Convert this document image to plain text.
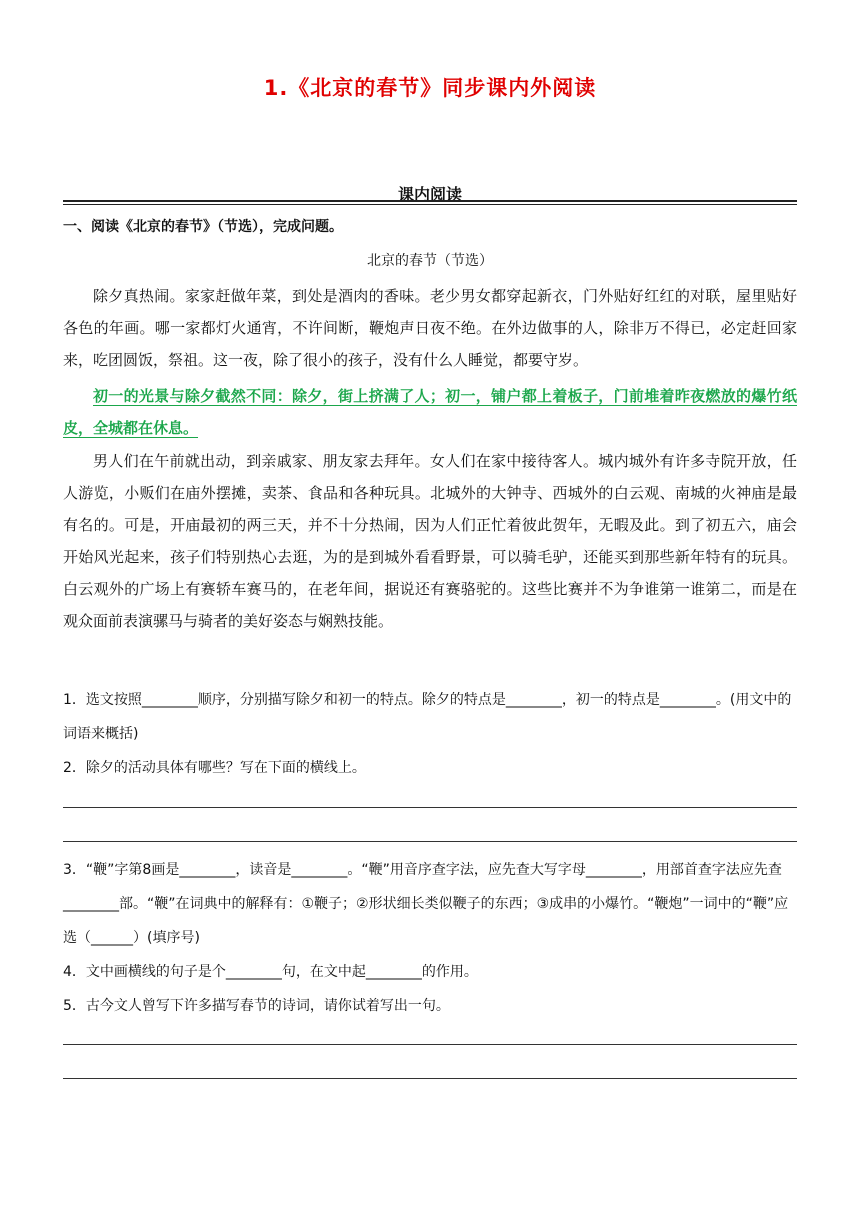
1.《北京的春节》同步课内外阅读
课内阅读
一、阅读《北京的春节》（节选），完成问题。
北京的春节（节选）

除夕真热闹。家家赶做年菜，到处是酒肉的香味。老少男女都穿起新衣，门外贴好红红的对联，屋里贴好各色的年画。哪一家都灯火通宵，不许间断，鞭炮声日夜不绝。在外边做事的人，除非万不得已，必定赶回家来，吃团圆饭，祭祖。这一夜，除了很小的孩子，没有什么人睡觉，都要守岁。

初一的光景与除夕截然不同：除夕，街上挤满了人；初一，铺户都上着板子，门前堆着昨夜燃放的爆竹纸皮，全城都在休息。

男人们在午前就出动，到亲戚家、朋友家去拜年。女人们在家中接待客人。城内城外有许多寺院开放，任人游览，小贩们在庙外摆摊，卖茶、食品和各种玩具。北城外的大钟寺、西城外的白云观、南城的火神庙是最有名的。可是，开庙最初的两三天，并不十分热闹，因为人们正忙着彼此贺年，无暇及此。到了初五六，庙会开始风光起来，孩子们特别热心去逛，为的是到城外看看野景，可以骑毛驴，还能买到那些新年特有的玩具。白云观外的广场上有赛轿车赛马的，在老年间，据说还有赛骆驼的。这些比赛并不为争谁第一谁第二，而是在观众面前表演骡马与骑者的美好姿态与娴熟技能。

1．选文按照________顺序，分别描写除夕和初一的特点。除夕的特点是________，初一的特点是________。(用文中的词语来概括)

2．除夕的活动具体有哪些？写在下面的横线上。

3．“鞭”字第8画是________，读音是________。“鞭”用音序查字法，应先查大写字母________，用部首查字法应先查________部。“鞭”在词典中的解释有：①鞭子；②形状细长类似鞭子的东西；③成串的小爆竹。“鞭炮”一词中的“鞭”应选（______）(填序号)

4．文中画横线的句子是个________句，在文中起________的作用。

5．古今文人曾写下许多描写春节的诗词，请你试着写出一句。
